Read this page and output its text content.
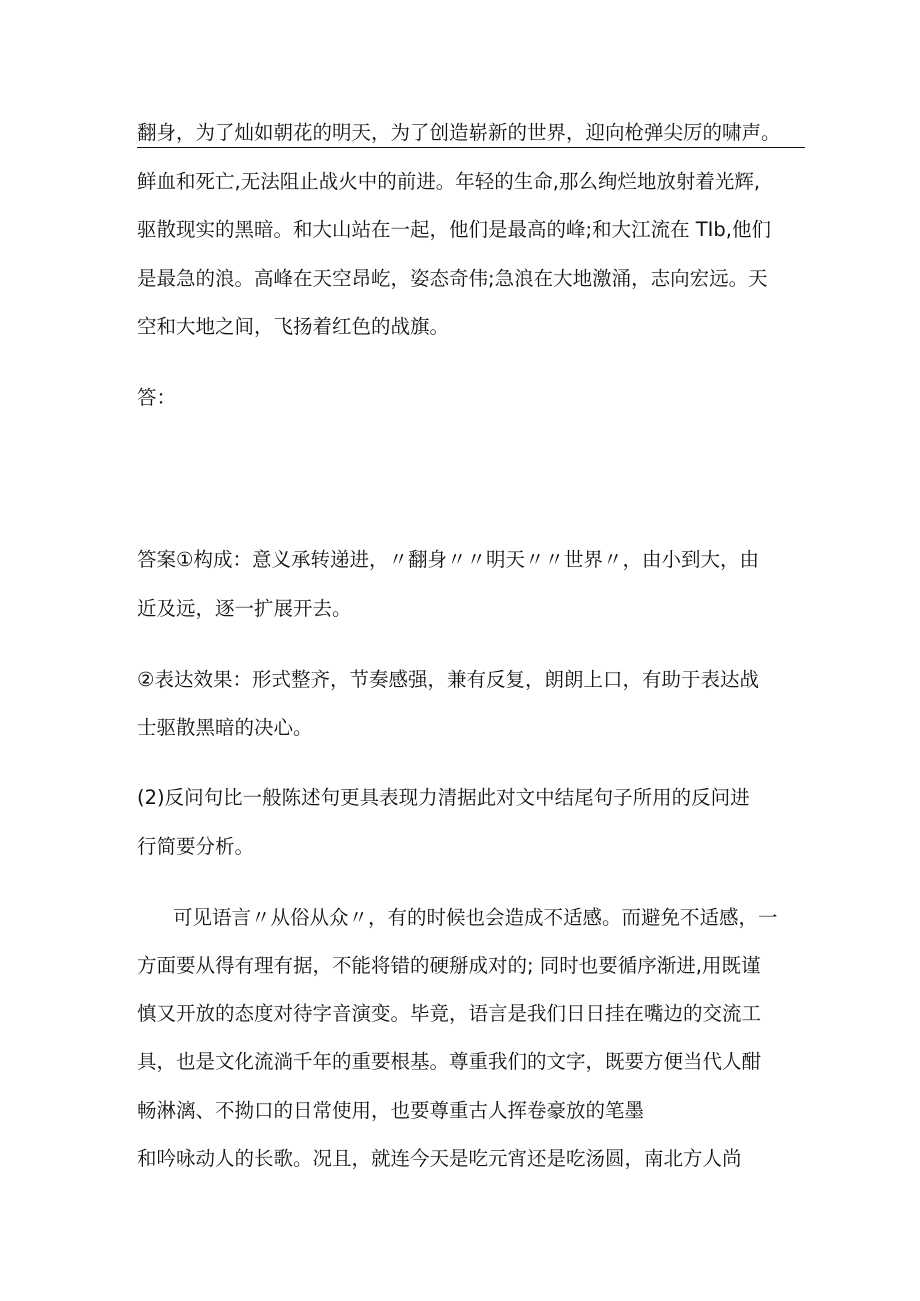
翻身，为了灿如朝花的明天，为了创造崭新的世界，迎向枪弹尖厉的啸声。
鲜血和死亡,无法阻止战火中的前进。年轻的生命,那么绚烂地放射着光辉,
驱散现实的黑暗。和大山站在一起，他们是最高的峰;和大江流在 TIb,他们
是最急的浪。高峰在天空昂屹，姿态奇伟;急浪在大地激涌，志向宏远。天
空和大地之间，飞扬着红色的战旗。
答：
答案①构成：意义承转递进，〃翻身〃〃明天〃〃世界〃，由小到大，由
近及远，逐一扩展开去。
②表达效果：形式整齐，节奏感强，兼有反复，朗朗上口，有助于表达战
士驱散黑暗的决心。
(2)反问句比一般陈述句更具表现力清据此对文中结尾句子所用的反问进
行简要分析。
可见语言〃从俗从众〃，有的时候也会造成不适感。而避免不适感，一
方面要从得有理有据，不能将错的硬掰成对的; 同时也要循序渐进,用既谨
慎又开放的态度对待字音演变。毕竟，语言是我们日日挂在嘴边的交流工
具，也是文化流淌千年的重要根基。尊重我们的文字，既要方便当代人酣
畅淋漓、不拗口的日常使用，也要尊重古人挥卷豪放的笔墨
和吟咏动人的长歌。况且，就连今天是吃元宵还是吃汤圆，南北方人尚
